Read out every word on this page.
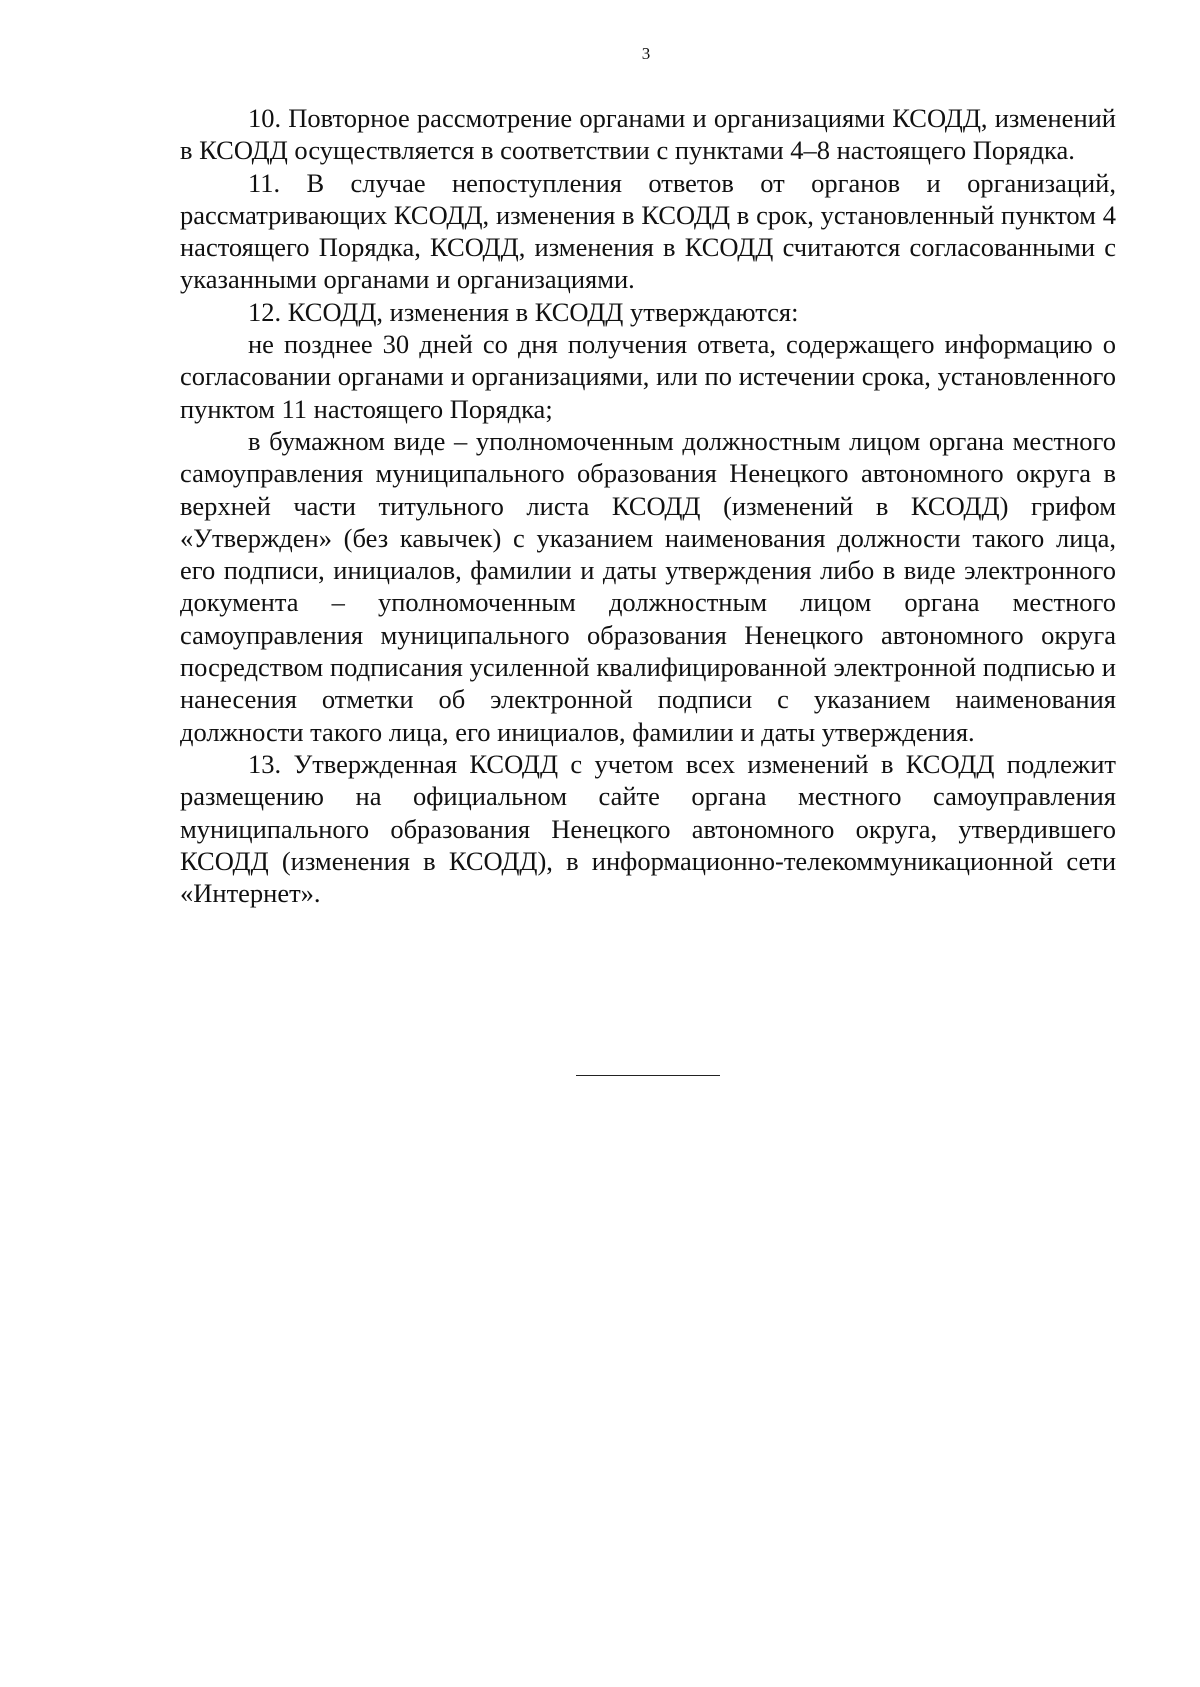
3

10. Повторное рассмотрение органами и организациями КСОДД, изменений в КСОДД осуществляется в соответствии с пунктами 4–8 настоящего Порядка.

11. В случае непоступления ответов от органов и организаций, рассматривающих КСОДД, изменения в КСОДД в срок, установленный пунктом 4 настоящего Порядка, КСОДД, изменения в КСОДД считаются согласованными с указанными органами и организациями.

12. КСОДД, изменения в КСОДД утверждаются:

не позднее 30 дней со дня получения ответа, содержащего информацию о согласовании органами и организациями, или по истечении срока, установленного пунктом 11 настоящего Порядка;

в бумажном виде – уполномоченным должностным лицом органа местного самоуправления муниципального образования Ненецкого автономного округа в верхней части титульного листа КСОДД (изменений в КСОДД) грифом «Утвержден» (без кавычек) с указанием наименования должности такого лица, его подписи, инициалов, фамилии и даты утверждения либо в виде электронного документа – уполномоченным должностным лицом органа местного самоуправления муниципального образования Ненецкого автономного округа посредством подписания усиленной квалифицированной электронной подписью и нанесения отметки об электронной подписи с указанием наименования должности такого лица, его инициалов, фамилии и даты утверждения.

13. Утвержденная КСОДД с учетом всех изменений в КСОДД подлежит размещению на официальном сайте органа местного самоуправления муниципального образования Ненецкого автономного округа, утвердившего КСОДД (изменения в КСОДД), в информационно-телекоммуникационной сети «Интернет».
